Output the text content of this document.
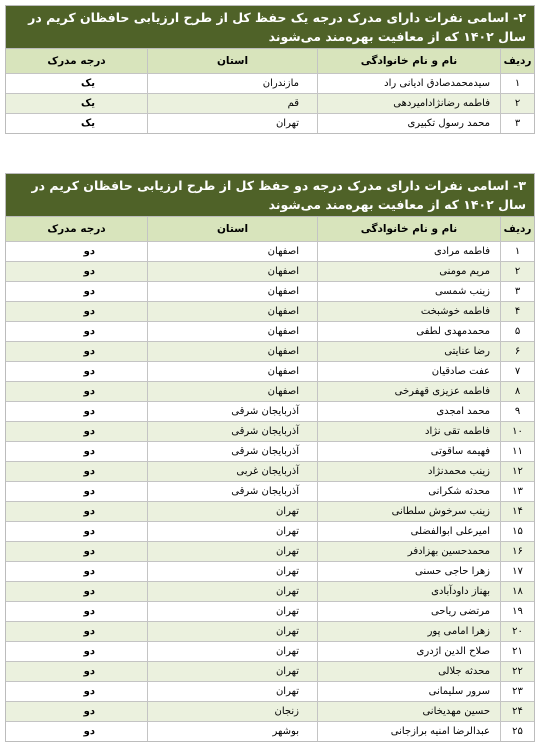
۲- اسامی نفرات دارای مدرک درجه یک حفظ کل از طرح ارزیابی حافظان کریم در سال ۱۴۰۲ که از معافیت بهره‌مند می‌شوند
ردیف
نام و نام خانوادگی
استان
درجه مدرک
۱
سیدمحمدصادق ادیانی راد
مازندران
یک
۲
فاطمه رضانژادامیردهی
قم
یک
۳
محمد رسول تکبیری
تهران
یک
۳- اسامی نفرات دارای مدرک درجه دو حفظ کل از طرح ارزیابی حافظان کریم در سال ۱۴۰۲ که از معافیت بهره‌مند می‌شوند
ردیف
نام و نام خانوادگی
استان
درجه مدرک
۱
فاطمه مرادی
اصفهان
دو
۲
مریم مومنی
اصفهان
دو
۳
زینب شمسی
اصفهان
دو
۴
فاطمه خوشبخت
اصفهان
دو
۵
محمدمهدی لطفی
اصفهان
دو
۶
رضا عنایتی
اصفهان
دو
۷
عفت صادقیان
اصفهان
دو
۸
فاطمه عزیزی قهفرخی
اصفهان
دو
۹
محمد امجدی
آذربایجان شرقی
دو
۱۰
فاطمه تقی نژاد
آذربایجان شرقی
دو
۱۱
فهیمه ساقوتی
آذربایجان شرقی
دو
۱۲
زینب محمدنژاد
آذربایجان غربی
دو
۱۳
محدثه شکرانی
آذربایجان شرقی
دو
۱۴
زینب سرخوش سلطانی
تهران
دو
۱۵
امیرعلی ابوالفضلی
تهران
دو
۱۶
محمدحسین بهزادفر
تهران
دو
۱۷
زهرا حاجی حسنی
تهران
دو
۱۸
بهناز داودآبادی
تهران
دو
۱۹
مرتضی ریاحی
تهران
دو
۲۰
زهرا امامی پور
تهران
دو
۲۱
صلاح الدین اژدری
تهران
دو
۲۲
محدثه جلالی
تهران
دو
۲۳
سرور سلیمانی
تهران
دو
۲۴
حسین مهدیخانی
زنجان
دو
۲۵
عبدالرضا امنیه برازجانی
بوشهر
دو
